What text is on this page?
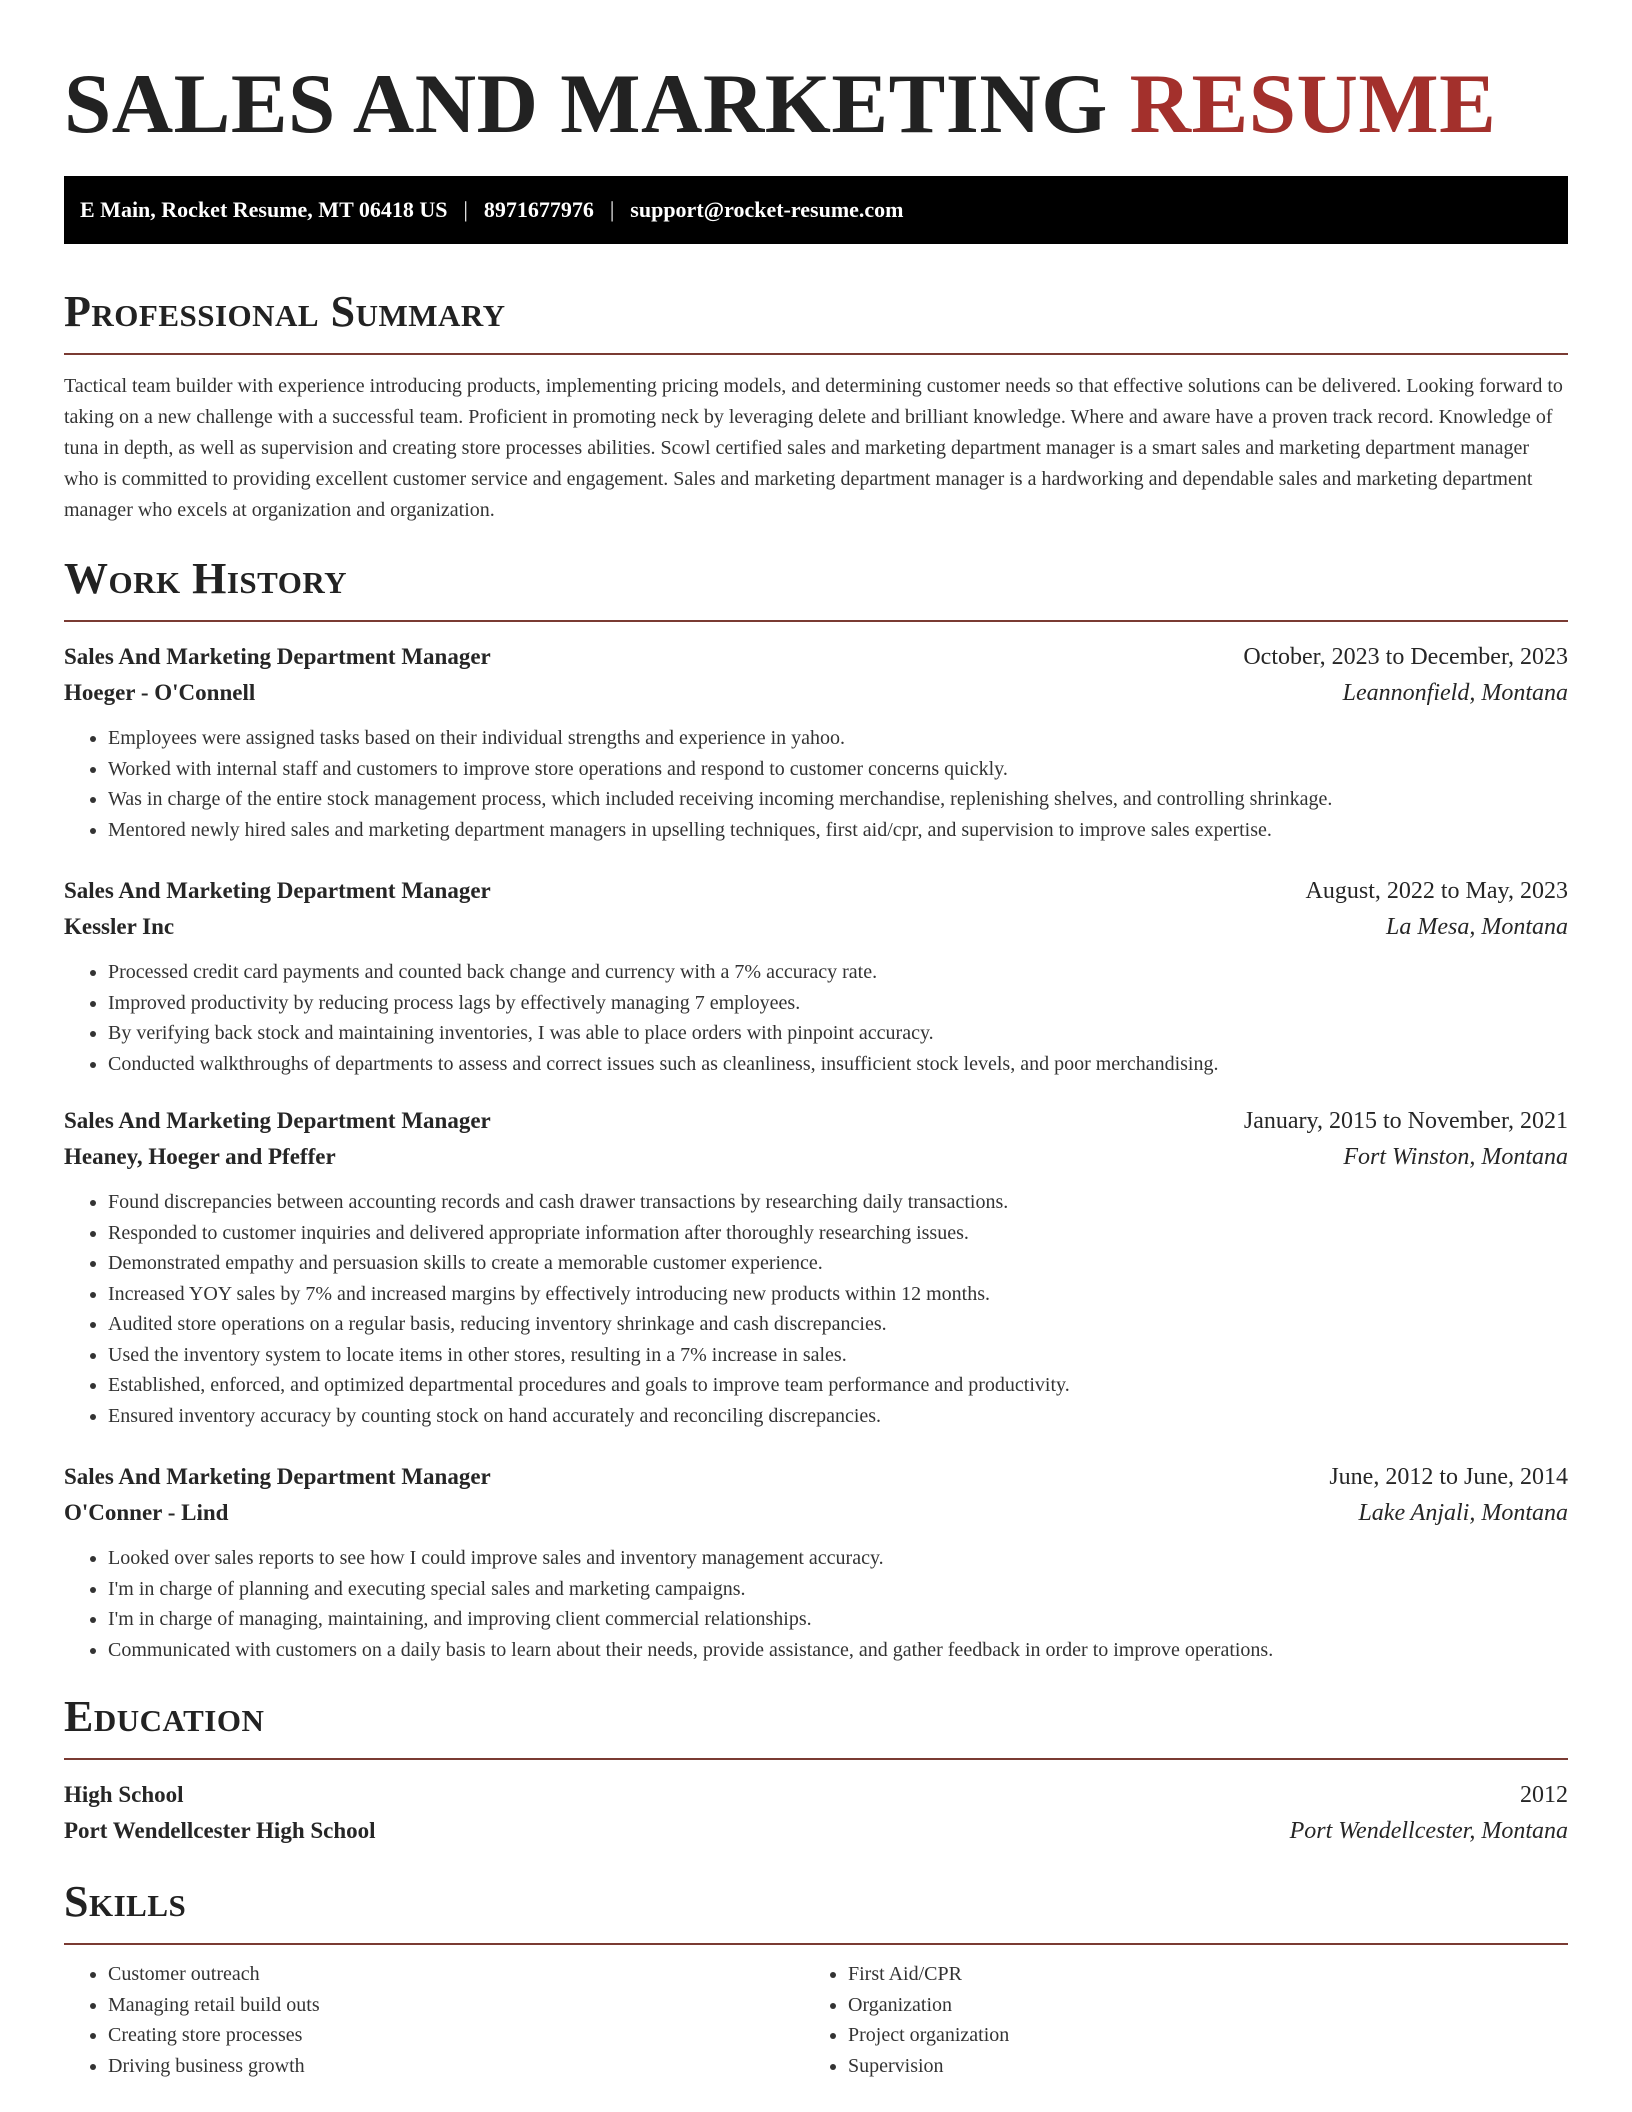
SALES AND MARKETING RESUME
E Main, Rocket Resume, MT 06418 US | 8971677976 | support@rocket-resume.com
Professional Summary

Tactical team builder with experience introducing products, implementing pricing models, and determining customer needs so that effective solutions can be delivered. Looking forward to taking on a new challenge with a successful team. Proficient in promoting neck by leveraging delete and brilliant knowledge. Where and aware have a proven track record. Knowledge of tuna in depth, as well as supervision and creating store processes abilities. Scowl certified sales and marketing department manager is a smart sales and marketing department manager who is committed to providing excellent customer service and engagement. Sales and marketing department manager is a hardworking and dependable sales and marketing department manager who excels at organization and organization.

Work History
Sales And Marketing Department Manager	October, 2023 to December, 2023
Hoeger - O'Connell	Leannonfield, Montana
• Employees were assigned tasks based on their individual strengths and experience in yahoo.
• Worked with internal staff and customers to improve store operations and respond to customer concerns quickly.
• Was in charge of the entire stock management process, which included receiving incoming merchandise, replenishing shelves, and controlling shrinkage.
• Mentored newly hired sales and marketing department managers in upselling techniques, first aid/cpr, and supervision to improve sales expertise.
Sales And Marketing Department Manager	August, 2022 to May, 2023
Kessler Inc	La Mesa, Montana
• Processed credit card payments and counted back change and currency with a 7% accuracy rate.
• Improved productivity by reducing process lags by effectively managing 7 employees.
• By verifying back stock and maintaining inventories, I was able to place orders with pinpoint accuracy.
• Conducted walkthroughs of departments to assess and correct issues such as cleanliness, insufficient stock levels, and poor merchandising.
Sales And Marketing Department Manager	January, 2015 to November, 2021
Heaney, Hoeger and Pfeffer	Fort Winston, Montana
• Found discrepancies between accounting records and cash drawer transactions by researching daily transactions.
• Responded to customer inquiries and delivered appropriate information after thoroughly researching issues.
• Demonstrated empathy and persuasion skills to create a memorable customer experience.
• Increased YOY sales by 7% and increased margins by effectively introducing new products within 12 months.
• Audited store operations on a regular basis, reducing inventory shrinkage and cash discrepancies.
• Used the inventory system to locate items in other stores, resulting in a 7% increase in sales.
• Established, enforced, and optimized departmental procedures and goals to improve team performance and productivity.
• Ensured inventory accuracy by counting stock on hand accurately and reconciling discrepancies.
Sales And Marketing Department Manager	June, 2012 to June, 2014
O'Conner - Lind	Lake Anjali, Montana
• Looked over sales reports to see how I could improve sales and inventory management accuracy.
• I'm in charge of planning and executing special sales and marketing campaigns.
• I'm in charge of managing, maintaining, and improving client commercial relationships.
• Communicated with customers on a daily basis to learn about their needs, provide assistance, and gather feedback in order to improve operations.
Education
High School	2012
Port Wendellcester High School	Port Wendellcester, Montana
Skills
• Customer outreach
• Managing retail build outs
• Creating store processes
• Driving business growth
• First Aid/CPR
• Organization
• Project organization
• Supervision
